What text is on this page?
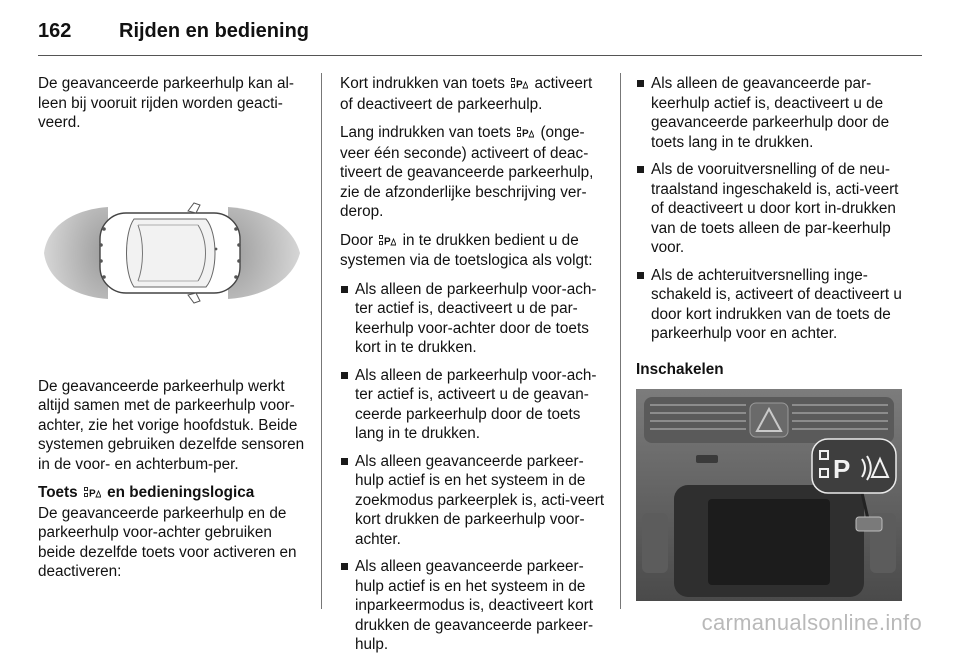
162 Rijden en bediening

De geavanceerde parkeerhulp kan al-leen bij vooruit rijden worden geacti-veerd.

De geavanceerde parkeerhulp werkt altijd samen met de parkeerhulp voor-achter, zie het vorige hoofdstuk. Beide systemen gebruiken dezelfde sensoren in de voor- en achterbum-per.

Toets P en bedieningslogica

De geavanceerde parkeerhulp en de parkeerhulp voor-achter gebruiken beide dezelfde toets voor activeren en deactiveren:

Kort indrukken van toets P activeert of deactiveert de parkeerhulp.

Lang indrukken van toets P (onge-veer één seconde) activeert of deac-tiveert de geavanceerde parkeerhulp, zie de afzonderlijke beschrijving ver-derop.

Door P in te drukken bedient u de systemen via de toetslogica als volgt:

Als alleen de parkeerhulp voor-ach-ter actief is, deactiveert u de par-keerhulp voor-achter door de toets kort in te drukken.
Als alleen de parkeerhulp voor-ach-ter actief is, activeert u de geavan-ceerde parkeerhulp door de toets lang in te drukken.
Als alleen geavanceerde parkeer-hulp actief is en het systeem in de zoekmodus parkeerplek is, acti-veert kort drukken de parkeerhulp voor-achter.
Als alleen geavanceerde parkeer-hulp actief is en het systeem in de inparkeermodus is, deactiveert kort drukken de geavanceerde parkeer-hulp.
Als alleen de geavanceerde par-keerhulp actief is, deactiveert u de geavanceerde parkeerhulp door de toets lang in te drukken.
Als de vooruitversnelling of de neu-traalstand ingeschakeld is, acti-veert of deactiveert u door kort in-drukken van de toets alleen de par-keerhulp voor.
Als de achteruitversnelling inge-schakeld is, activeert of deactiveert u door kort indrukken van de toets de parkeerhulp voor en achter.
Inschakelen
P
carmanualsonline.info
